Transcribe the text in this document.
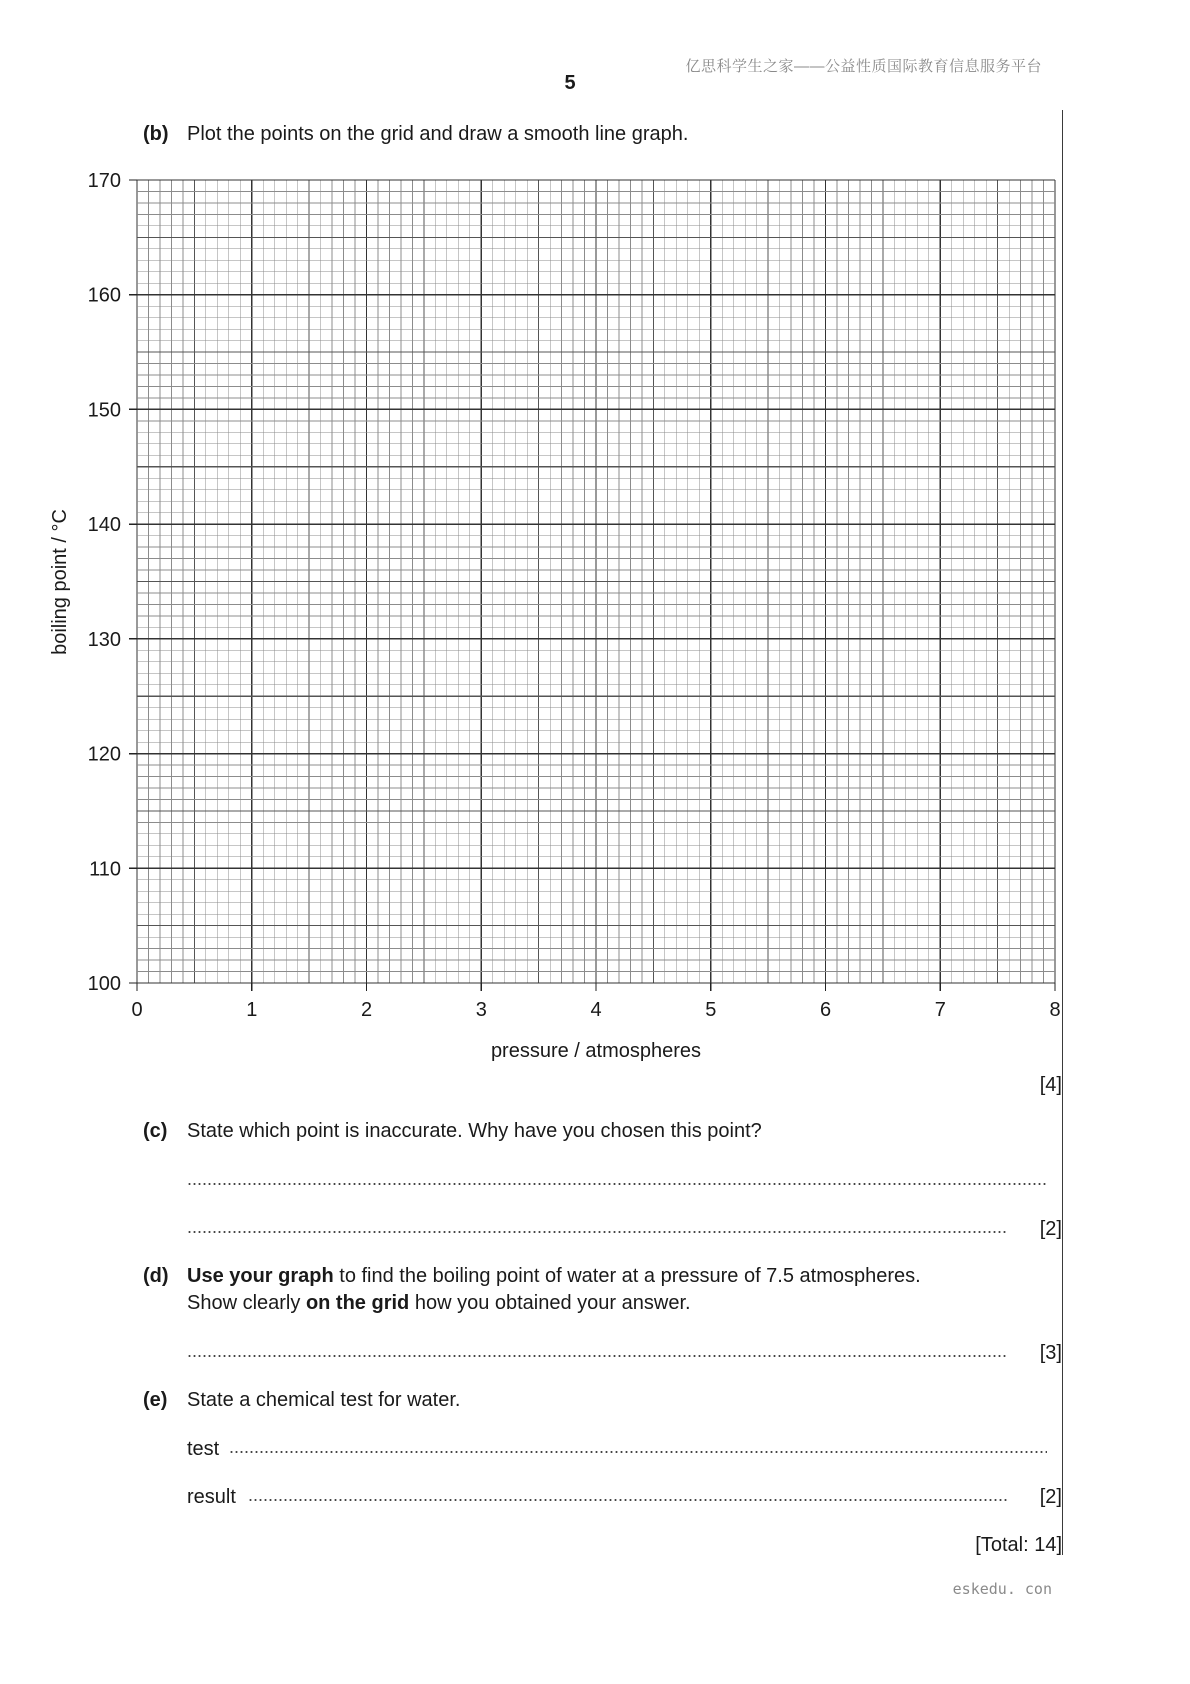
亿思科学生之家——公益性质国际教育信息服务平台
5
(b) Plot the points on the grid and draw a smooth line graph.
0	1	2	3	4	5	6	7	8
100
110
120
130
140
150
160
170
pressure / atmospheres
boiling point / °C
[4]
(c) State which point is inaccurate. Why have you chosen this point?
[2]
(d) Use your graph to find the boiling point of water at a pressure of 7.5 atmospheres.
Show clearly on the grid how you obtained your answer.
[3]
(e) State a chemical test for water.
test
result	[2]
[Total: 14]
eskedu. con
